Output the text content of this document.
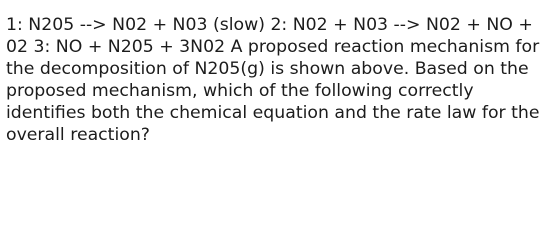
1: N205 --> N02 + N03 (slow) 2: N02 + N03 --> N02 + NO + 02 3: NO + N205 + 3N02 A proposed reaction mechanism for the decomposition of N205(g) is shown above. Based on the proposed mechanism, which of the following correctly identifies both the chemical equation and the rate law for the overall reaction?
